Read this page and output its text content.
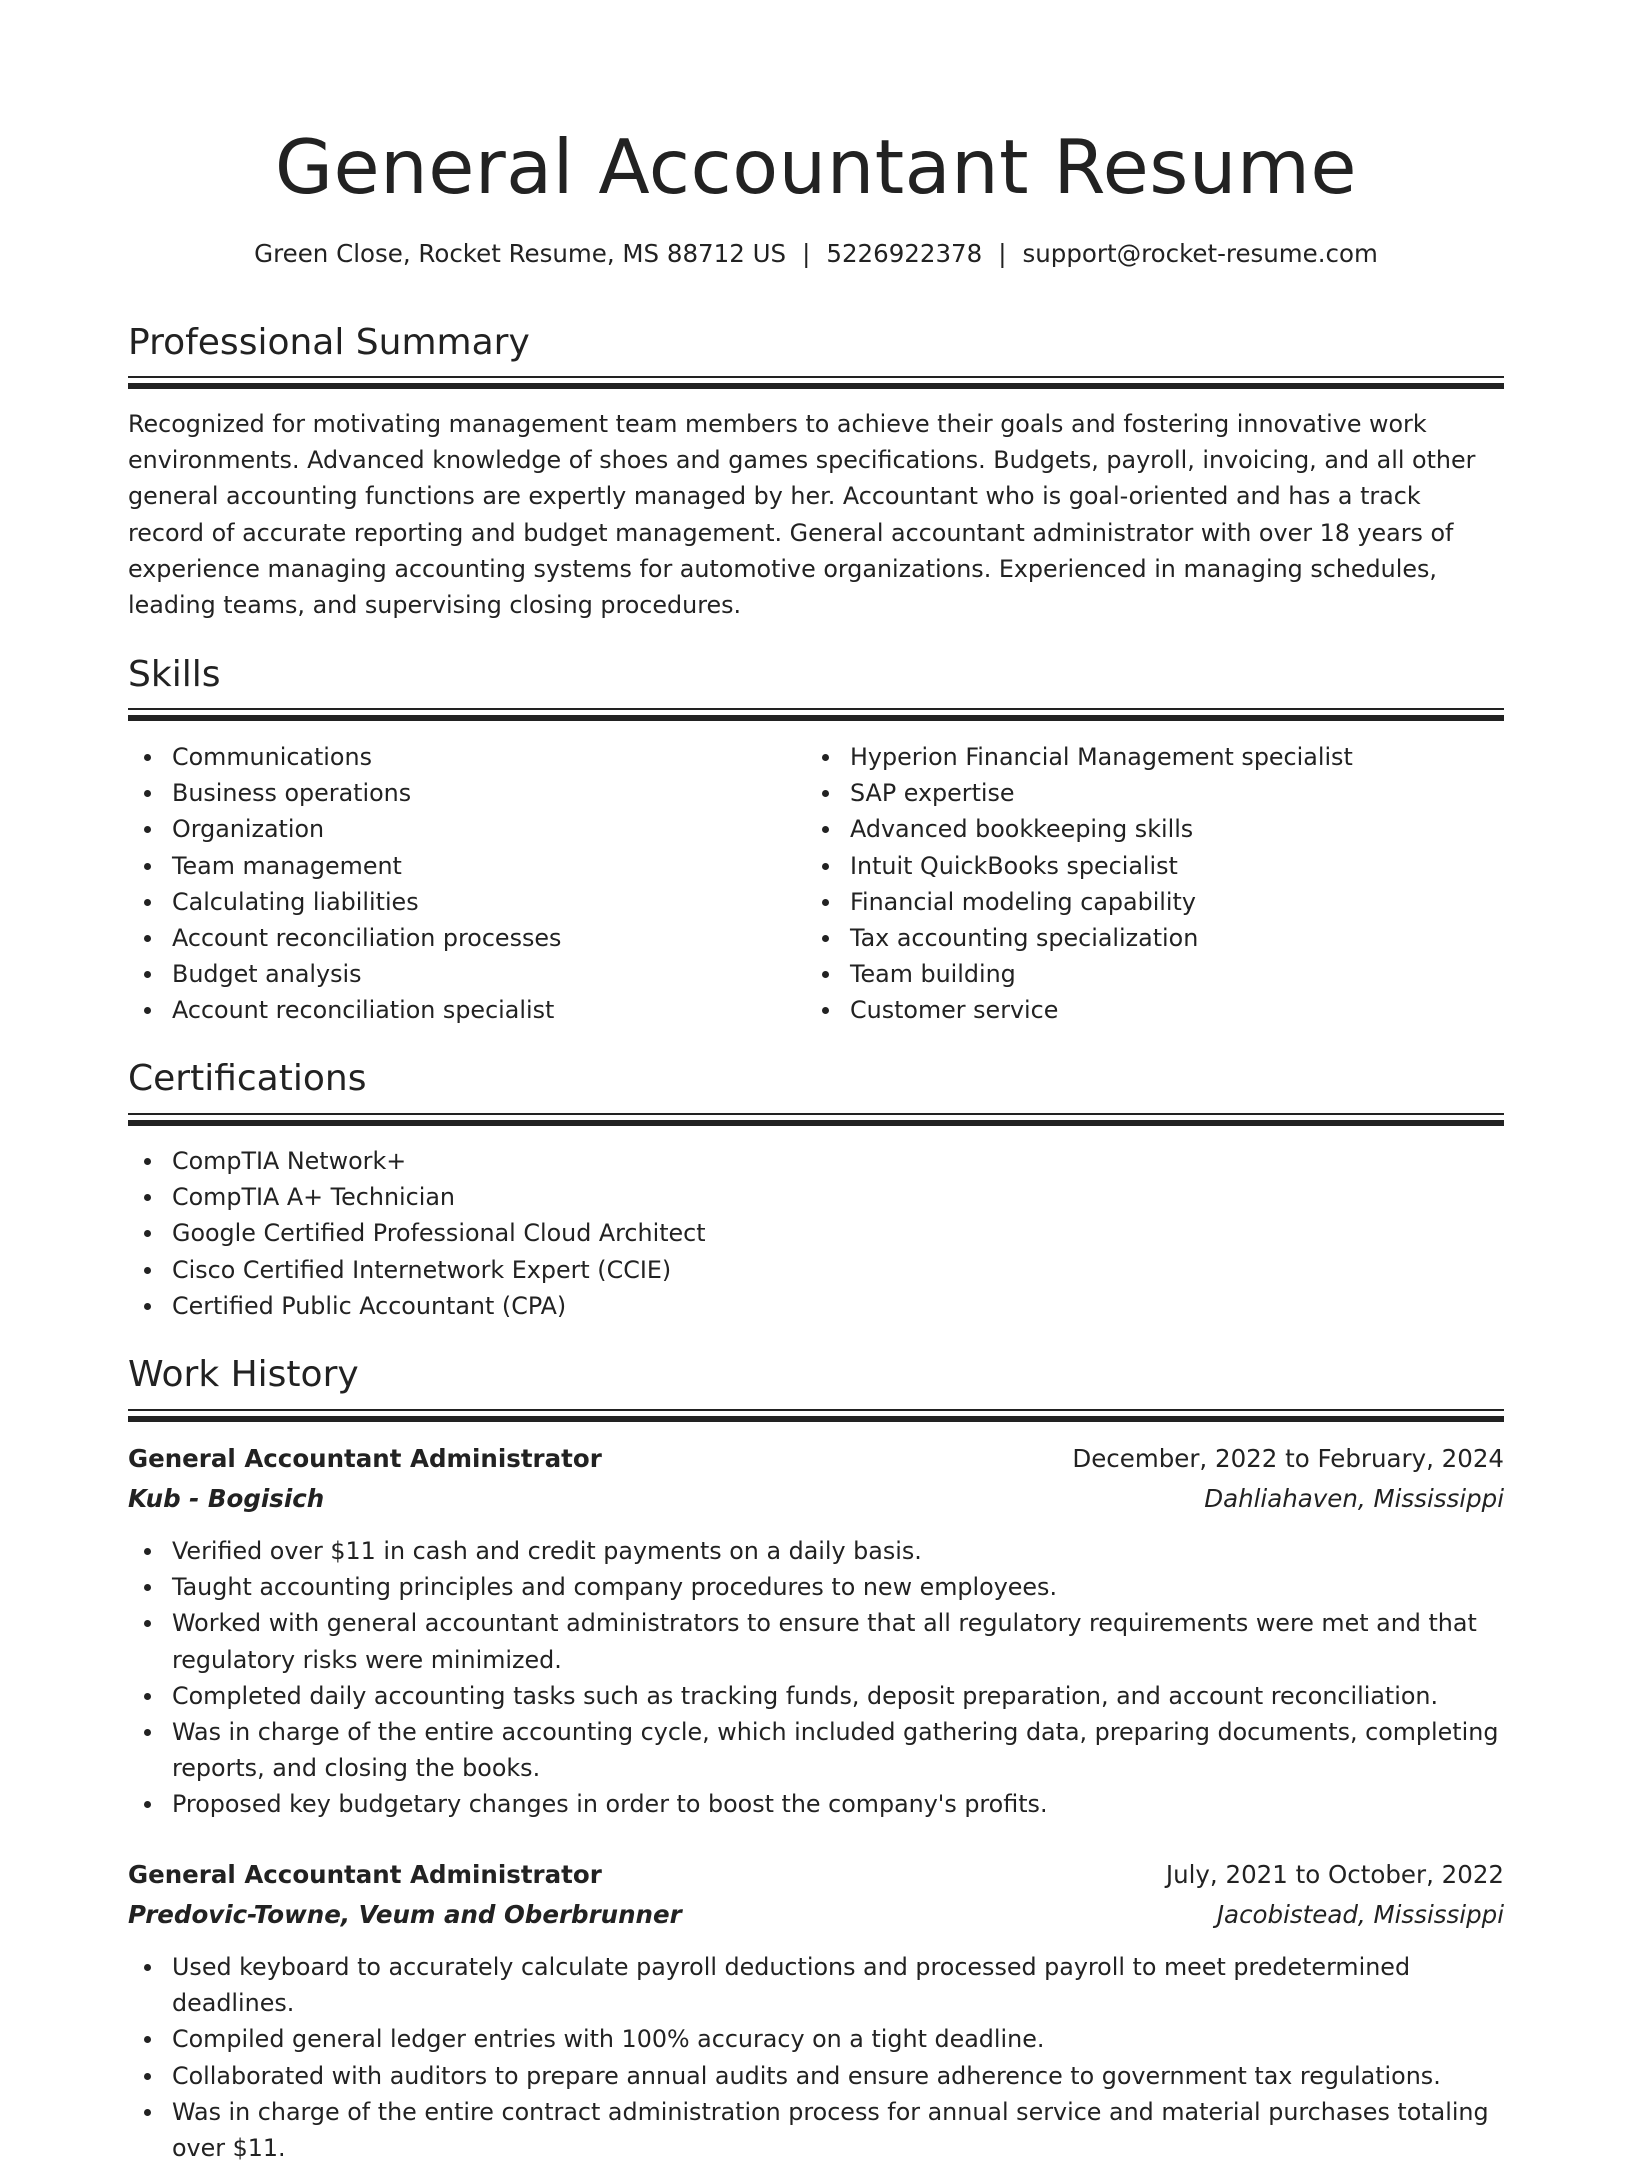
General Accountant Resume
Green Close, Rocket Resume, MS 88712 US | 5226922378 | support@rocket-resume.com
Professional Summary
Recognized for motivating management team members to achieve their goals and fostering innovative work environments. Advanced knowledge of shoes and games specifications. Budgets, payroll, invoicing, and all other general accounting functions are expertly managed by her. Accountant who is goal-oriented and has a track record of accurate reporting and budget management. General accountant administrator with over 18 years of experience managing accounting systems for automotive organizations. Experienced in managing schedules, leading teams, and supervising closing procedures.
Skills
Communications
Business operations
Organization
Team management
Calculating liabilities
Account reconciliation processes
Budget analysis
Account reconciliation specialist
Hyperion Financial Management specialist
SAP expertise
Advanced bookkeeping skills
Intuit QuickBooks specialist
Financial modeling capability
Tax accounting specialization
Team building
Customer service
Certifications
CompTIA Network+
CompTIA A+ Technician
Google Certified Professional Cloud Architect
Cisco Certified Internetwork Expert (CCIE)
Certified Public Accountant (CPA)
Work History
General Accountant Administrator	December, 2022 to February, 2024
Kub - Bogisich	Dahliahaven, Mississippi
Verified over $11 in cash and credit payments on a daily basis.
Taught accounting principles and company procedures to new employees.
Worked with general accountant administrators to ensure that all regulatory requirements were met and that regulatory risks were minimized.
Completed daily accounting tasks such as tracking funds, deposit preparation, and account reconciliation.
Was in charge of the entire accounting cycle, which included gathering data, preparing documents, completing reports, and closing the books.
Proposed key budgetary changes in order to boost the company's profits.
General Accountant Administrator	July, 2021 to October, 2022
Predovic-Towne, Veum and Oberbrunner	Jacobistead, Mississippi
Used keyboard to accurately calculate payroll deductions and processed payroll to meet predetermined deadlines.
Compiled general ledger entries with 100% accuracy on a tight deadline.
Collaborated with auditors to prepare annual audits and ensure adherence to government tax regulations.
Was in charge of the entire contract administration process for annual service and material purchases totaling over $11.
